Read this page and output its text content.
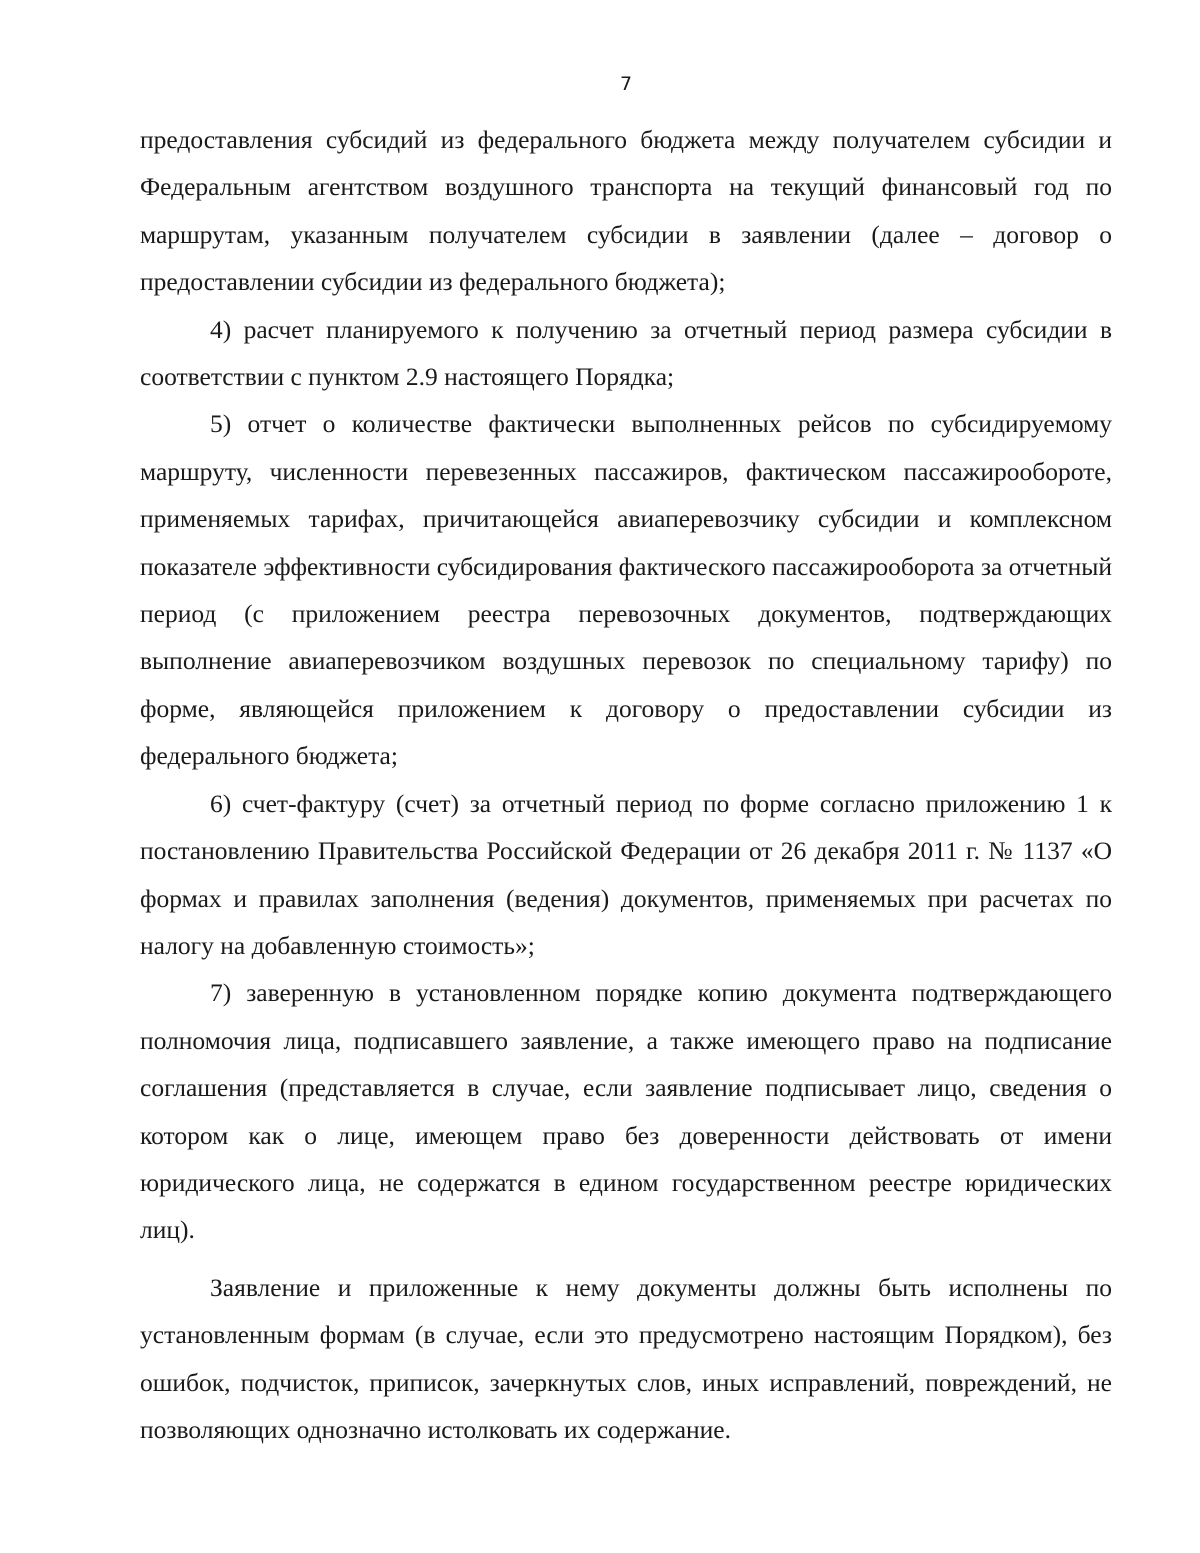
7

предоставления субсидий из федерального бюджета между получателем субсидии и Федеральным агентством воздушного транспорта на текущий финансовый год по маршрутам, указанным получателем субсидии в заявлении (далее – договор о предоставлении субсидии из федерального бюджета);

4) расчет планируемого к получению за отчетный период размера субсидии в соответствии с пунктом 2.9 настоящего Порядка;

5) отчет о количестве фактически выполненных рейсов по субсидируемому маршруту, численности перевезенных пассажиров, фактическом пассажирообороте, применяемых тарифах, причитающейся авиаперевозчику субсидии и комплексном показателе эффективности субсидирования фактического пассажирооборота за отчетный период (с приложением реестра перевозочных документов, подтверждающих выполнение авиаперевозчиком воздушных перевозок по специальному тарифу) по форме, являющейся приложением к договору о предоставлении субсидии из федерального бюджета;

6) счет-фактуру (счет) за отчетный период по форме согласно приложению 1 к постановлению Правительства Российской Федерации от 26 декабря 2011 г. № 1137 «О формах и правилах заполнения (ведения) документов, применяемых при расчетах по налогу на добавленную стоимость»;

7) заверенную в установленном порядке копию документа подтверждающего полномочия лица, подписавшего заявление, а также имеющего право на подписание соглашения (представляется в случае, если заявление подписывает лицо, сведения о котором как о лице, имеющем право без доверенности действовать от имени юридического лица, не содержатся в едином государственном реестре юридических лиц).

Заявление и приложенные к нему документы должны быть исполнены по установленным формам (в случае, если это предусмотрено настоящим Порядком), без ошибок, подчисток, приписок, зачеркнутых слов, иных исправлений, повреждений, не позволяющих однозначно истолковать их содержание.
